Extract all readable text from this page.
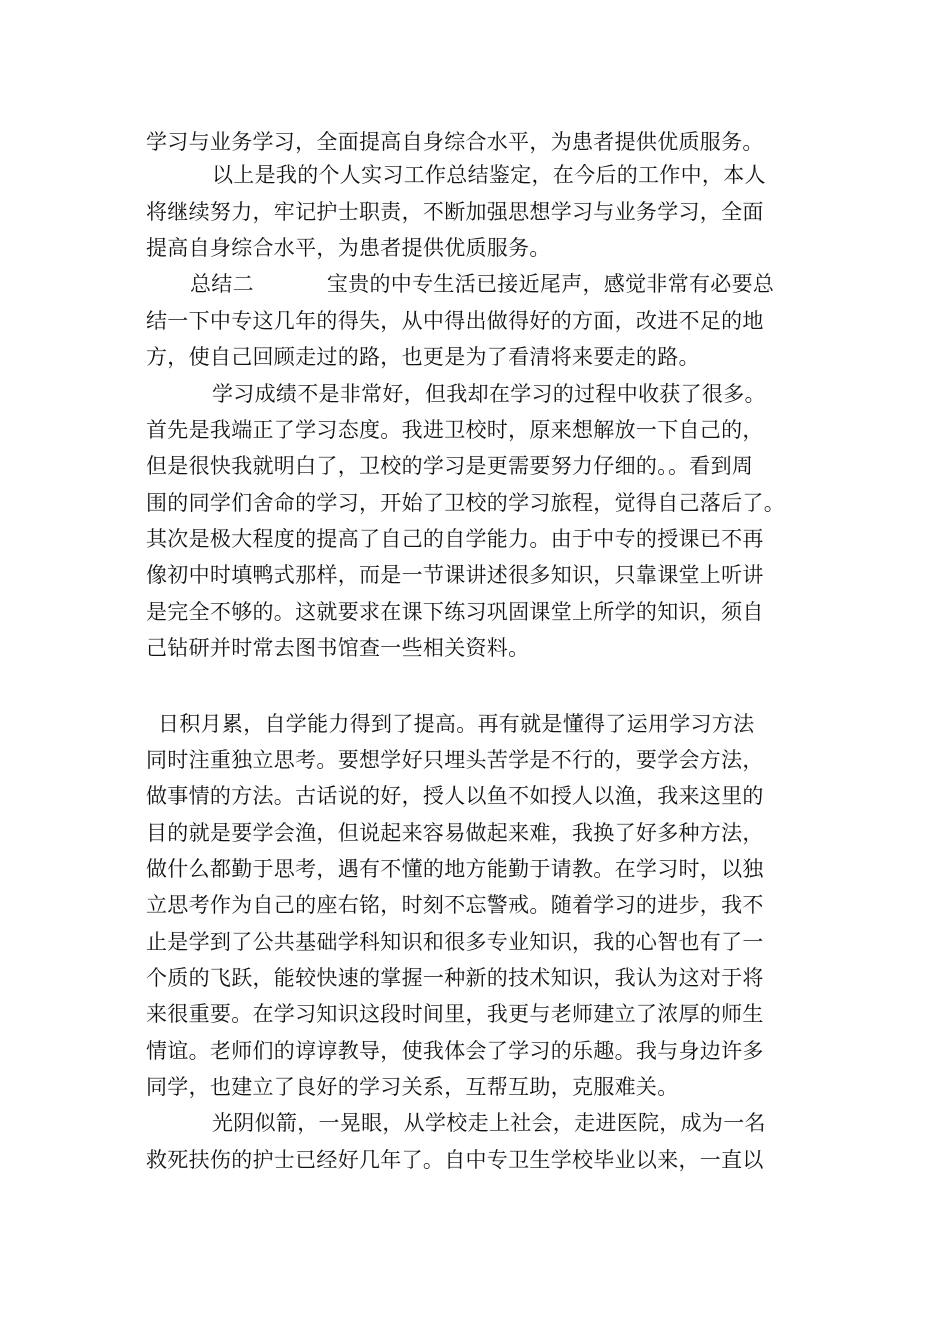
学习与业务学习，全面提高自身综合水平，为患者提供优质服务。
以上是我的个人实习工作总结鉴定，在今后的工作中，本人
将继续努力，牢记护士职责，不断加强思想学习与业务学习，全面
提高自身综合水平，为患者提供优质服务。
总结二	宝贵的中专生活已接近尾声，感觉非常有必要总
结一下中专这几年的得失，从中得出做得好的方面，改进不足的地
方，使自己回顾走过的路，也更是为了看清将来要走的路。
学习成绩不是非常好，但我却在学习的过程中收获了很多。
首先是我端正了学习态度。我进卫校时，原来想解放一下自己的，
但是很快我就明白了，卫校的学习是更需要努力仔细的。。看到周
围的同学们舍命的学习，开始了卫校的学习旅程，觉得自己落后了。
其次是极大程度的提高了自己的自学能力。由于中专的授课已不再
像初中时填鸭式那样，而是一节课讲述很多知识，只靠课堂上听讲
是完全不够的。这就要求在课下练习巩固课堂上所学的知识，须自
己钻研并时常去图书馆查一些相关资料。
日积月累，自学能力得到了提高。再有就是懂得了运用学习方法
同时注重独立思考。要想学好只埋头苦学是不行的，要学会方法，
做事情的方法。古话说的好，授人以鱼不如授人以渔，我来这里的
目的就是要学会渔，但说起来容易做起来难，我换了好多种方法，
做什么都勤于思考，遇有不懂的地方能勤于请教。在学习时，以独
立思考作为自己的座右铭，时刻不忘警戒。随着学习的进步，我不
止是学到了公共基础学科知识和很多专业知识，我的心智也有了一
个质的飞跃，能较快速的掌握一种新的技术知识，我认为这对于将
来很重要。在学习知识这段时间里，我更与老师建立了浓厚的师生
情谊。老师们的谆谆教导，使我体会了学习的乐趣。我与身边许多
同学，也建立了良好的学习关系，互帮互助，克服难关。
光阴似箭，一晃眼，从学校走上社会，走进医院，成为一名
救死扶伤的护士已经好几年了。自中专卫生学校毕业以来，一直以
